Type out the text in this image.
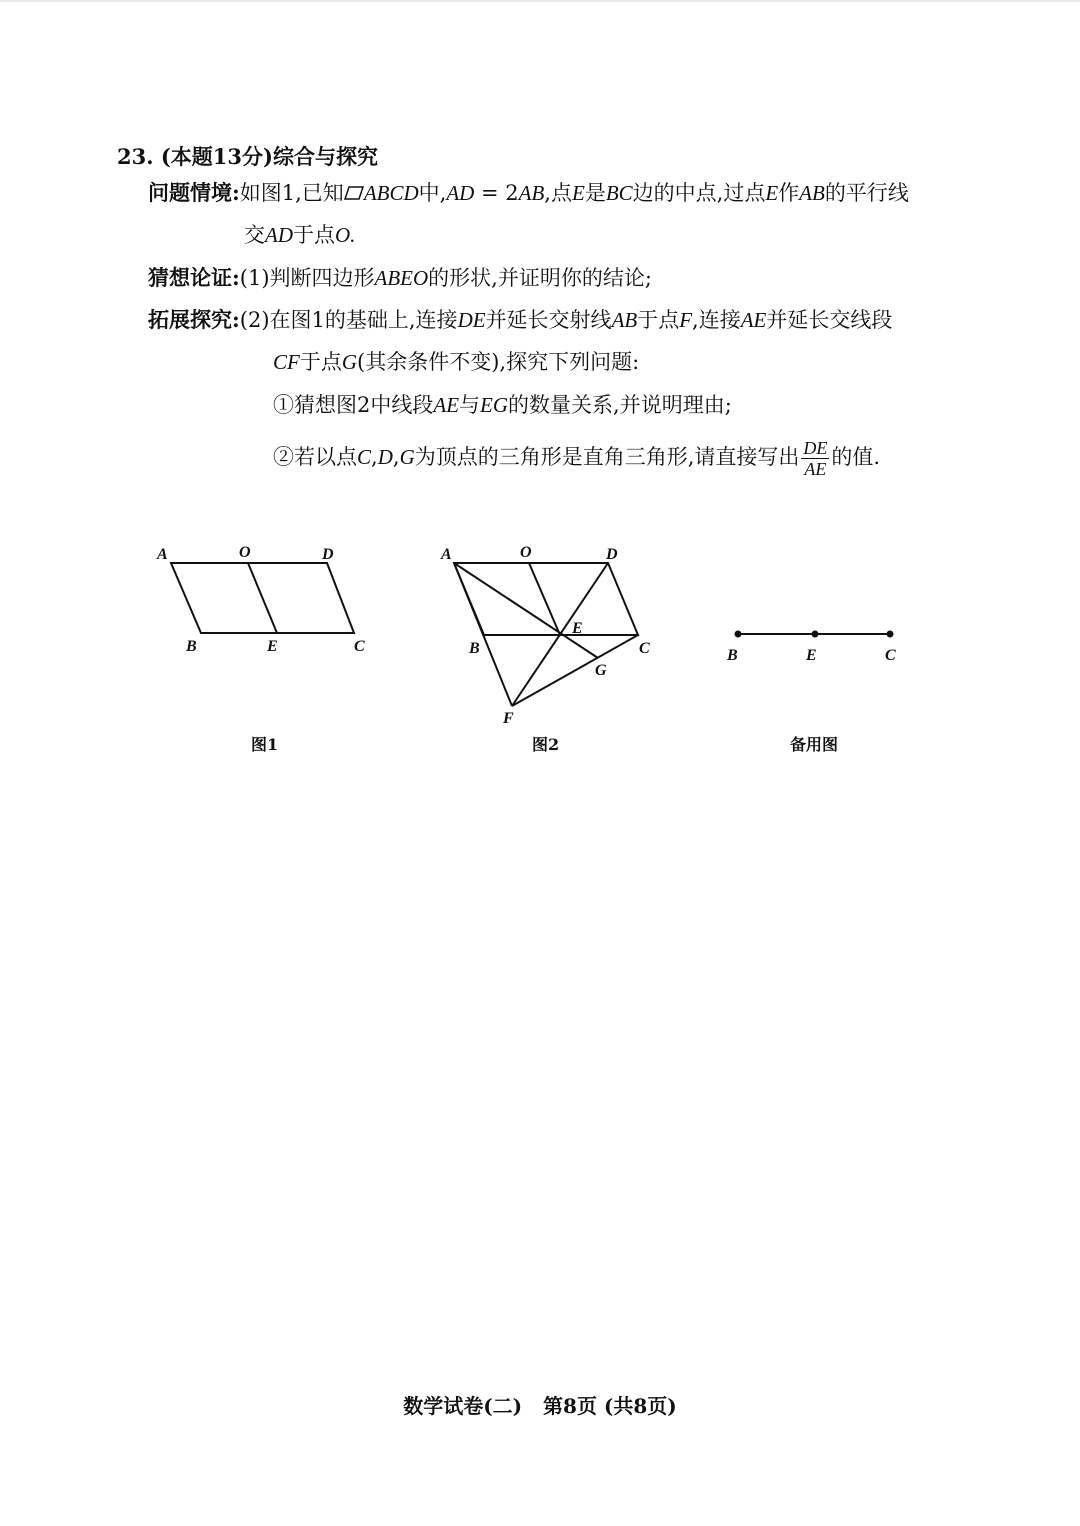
23. (本题13分)综合与探究
问题情境:如图1,已知 ABCD中,AD = 2AB,点E是BC边的中点,过点E作AB的平行线
交AD于点O.
猜想论证:(1)判断四边形ABEO的形状,并证明你的结论;
拓展探究:(2)在图1的基础上,连接DE并延长交射线AB于点F,连接AE并延长交线段
CF于点G(其余条件不变),探究下列问题:
①猜想图2中线段AE与EG的数量关系,并说明理由;
②若以点C,D,G为顶点的三角形是直角三角形,请直接写出 $\frac{DE}{AE}$ 的值.
A	O	D
B	E	C
A	O	D
B
E
C
G
F
B	E	C
图1	图2	备用图
数学试卷(二)   第8页 (共8页)
